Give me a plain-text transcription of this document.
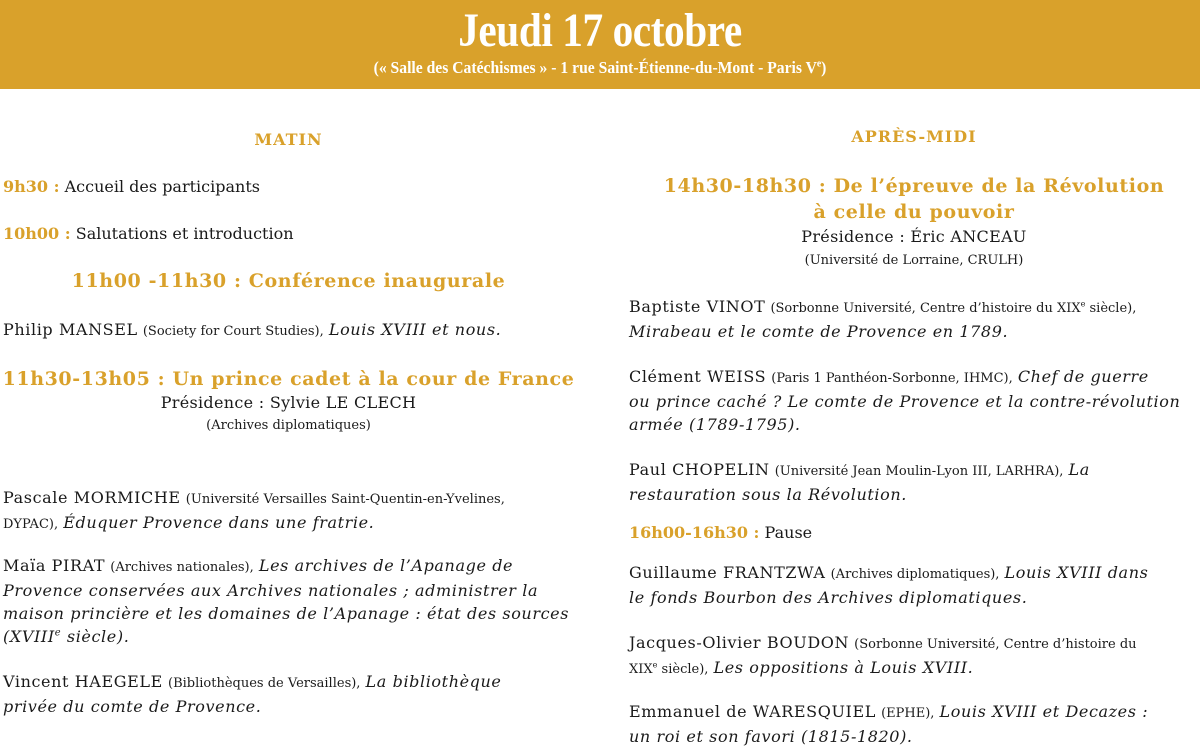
Jeudi 17 octobre
(« Salle des Catéchismes » - 1 rue Saint-Étienne-du-Mont - Paris Ve)
MATIN
9h30 : Accueil des participants
10h00 : Salutations et introduction
11h00 -11h30 : Conférence inaugurale
Philip MANSEL (Society for Court Studies), Louis XVIII et nous.
11h30-13h05 : Un prince cadet à la cour de France
Présidence : Sylvie LE CLECH
(Archives diplomatiques)
Pascale MORMICHE (Université Versailles Saint-Quentin-en-Yvelines,
DYPAC), Éduquer Provence dans une fratrie.
Maïa PIRAT (Archives nationales), Les archives de l’Apanage de
Provence conservées aux Archives nationales ; administrer la
maison princière et les domaines de l’Apanage : état des sources
(XVIIIe siècle).
Vincent HAEGELE (Bibliothèques de Versailles), La bibliothèque
privée du comte de Provence.
APRÈS-MIDI
14h30-18h30 : De l’épreuve de la Révolution
à celle du pouvoir
Présidence : Éric ANCEAU
(Université de Lorraine, CRULH)
Baptiste VINOT (Sorbonne Université, Centre d’histoire du XIXe siècle),
Mirabeau et le comte de Provence en 1789.
Clément WEISS (Paris 1 Panthéon-Sorbonne, IHMC), Chef de guerre
ou prince caché ? Le comte de Provence et la contre-révolution
armée (1789-1795).
Paul CHOPELIN (Université Jean Moulin-Lyon III, LARHRA), La
restauration sous la Révolution.
16h00-16h30 : Pause
Guillaume FRANTZWA (Archives diplomatiques), Louis XVIII dans
le fonds Bourbon des Archives diplomatiques.
Jacques-Olivier BOUDON (Sorbonne Université, Centre d’histoire du
XIXe siècle), Les oppositions à Louis XVIII.
Emmanuel de WARESQUIEL (EPHE), Louis XVIII et Decazes :
un roi et son favori (1815-1820).
